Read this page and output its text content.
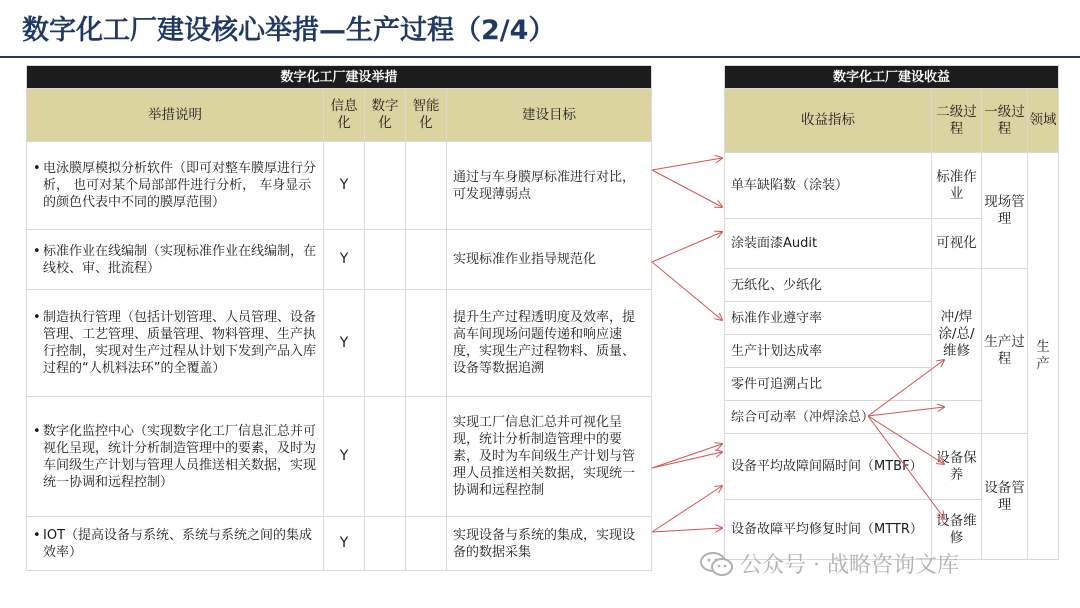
数字化工厂建设核心举措—生产过程（2/4）
数字化工厂建设举措				
举措说明	信息化	数字化	智能化	建设目标

• 电泳膜厚模拟分析软件（即可对整车膜厚进行分析， 也可对某个局部部件进行分析， 车身显示的颜色代表中不同的膜厚范围）	Y			通过与车身膜厚标准进行对比，可发现薄弱点

• 标准作业在线编制（实现标准作业在线编制，在线校、审、批流程）	Y			实现标准作业指导规范化

• 制造执行管理（包括计划管理、人员管理、设备管理、工艺管理、质量管理、物料管理、生产执行控制，实现对生产过程从计划下发到产品入库过程的“人机料法环”的全覆盖）	Y			提升生产过程透明度及效率，提高车间现场问题传递和响应速度，实现生产过程物料、质量、设备等数据追溯

• 数字化监控中心（实现数字化工厂信息汇总并可视化呈现，统计分析制造管理中的要素，及时为车间级生产计划与管理人员推送相关数据，实现统一协调和远程控制）	Y			实现工厂信息汇总并可视化呈现，统计分析制造管理中的要素，及时为车间级生产计划与管理人员推送相关数据，实现统一协调和远程控制

• IOT（提高设备与系统、系统与系统之间的集成效率）	Y			实现设备与系统的集成，实现设备的数据采集
数字化工厂建设收益			
收益指标	二级过程	一级过程	领域
单车缺陷数（涂装）	标准作业	现场管理	生产
涂装面漆Audit	可视化		
无纸化、少纸化	冲/焊涂/总/维修	生产过程	
标准作业遵守率			
生产计划达成率			
零件可追溯占比			
综合可动率（冲焊涂总）			
设备平均故障间隔时间（MTBF）	设备保养	设备管理	
设备故障平均修复时间（MTTR）	设备维修		
公众号 · 战略咨询文库
